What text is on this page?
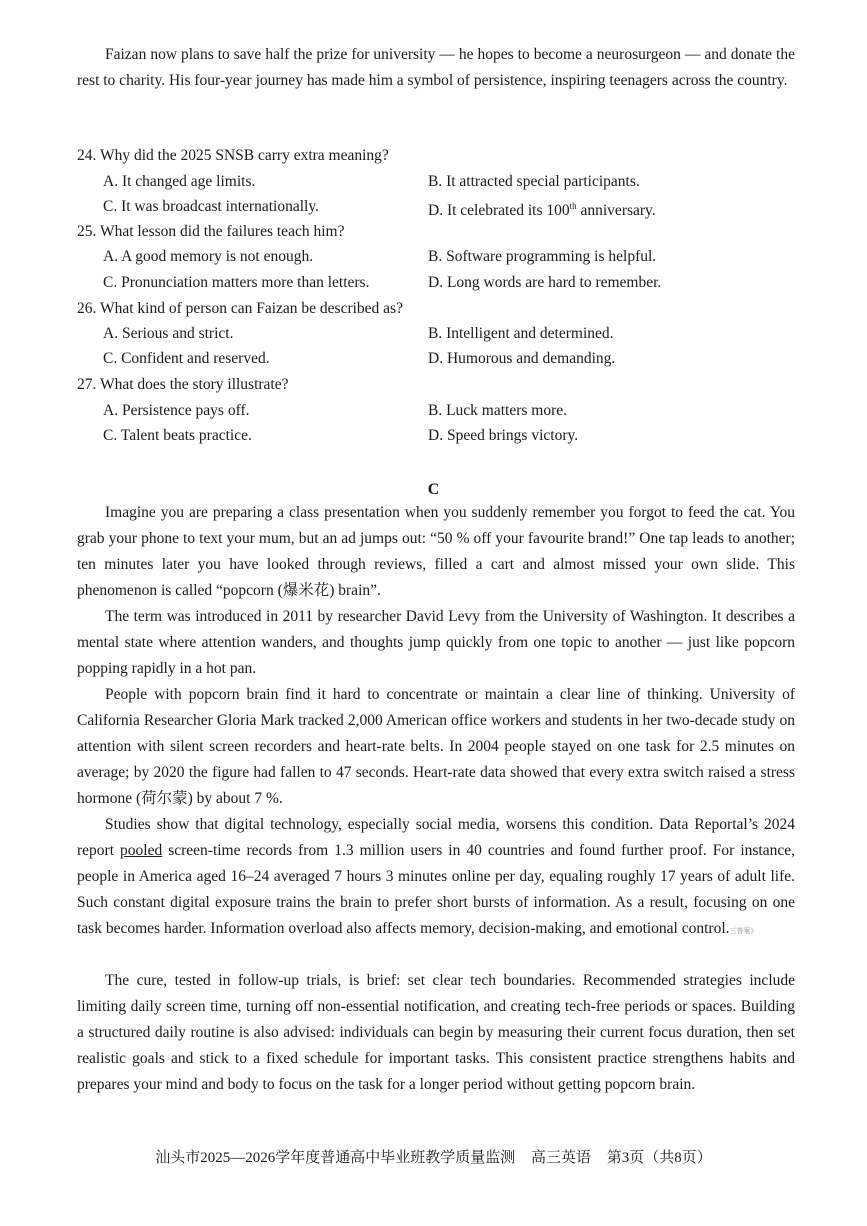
Faizan now plans to save half the prize for university — he hopes to become a neurosurgeon — and donate the rest to charity. His four-year journey has made him a symbol of persistence, inspiring teenagers across the country.

24. Why did the 2025 SNSB carry extra meaning?

A. It changed age limits.	B. It attracted special participants.

C. It was broadcast internationally.	D. It celebrated its 100th anniversary.

25. What lesson did the failures teach him?

A. A good memory is not enough.	B. Software programming is helpful.

C. Pronunciation matters more than letters.	D. Long words are hard to remember.

26. What kind of person can Faizan be described as?

A. Serious and strict.	B. Intelligent and determined.

C. Confident and reserved.	D. Humorous and demanding.

27. What does the story illustrate?

A. Persistence pays off.	B. Luck matters more.

C. Talent beats practice.	D. Speed brings victory.

C

Imagine you are preparing a class presentation when you suddenly remember you forgot to feed the cat. You grab your phone to text your mum, but an ad jumps out: “50 % off your favourite brand!” One tap leads to another; ten minutes later you have looked through reviews, filled a cart and almost missed your own slide. This phenomenon is called “popcorn (爆米花) brain”.

The term was introduced in 2011 by researcher David Levy from the University of Washington. It describes a mental state where attention wanders, and thoughts jump quickly from one topic to another — just like popcorn popping rapidly in a hot pan.

People with popcorn brain find it hard to concentrate or maintain a clear line of thinking. University of California Researcher Gloria Mark tracked 2,000 American office workers and students in her two-decade study on attention with silent screen recorders and heart-rate belts. In 2004 people stayed on one task for 2.5 minutes on average; by 2020 the figure had fallen to 47 seconds. Heart-rate data showed that every extra switch raised a stress hormone (荷尔蒙) by about 7 %.

Studies show that digital technology, especially social media, worsens this condition. Data Reportal’s 2024 report pooled screen-time records from 1.3 million users in 40 countries and found further proof. For instance, people in America aged 16–24 averaged 7 hours 3 minutes online per day, equaling roughly 17 years of adult life. Such constant digital exposure trains the brain to prefer short bursts of information. As a result, focusing on one task becomes harder. Information overload also affects memory, decision-making, and emotional control.三答案》

The cure, tested in follow-up trials, is brief: set clear tech boundaries. Recommended strategies include limiting daily screen time, turning off non-essential notification, and creating tech-free periods or spaces. Building a structured daily routine is also advised: individuals can begin by measuring their current focus duration, then set realistic goals and stick to a fixed schedule for important tasks. This consistent practice strengthens habits and prepares your mind and body to focus on the task for a longer period without getting popcorn brain.

汕头市2025—2026学年度普通高中毕业班教学质量监测 高三英语 第3页（共8页）
